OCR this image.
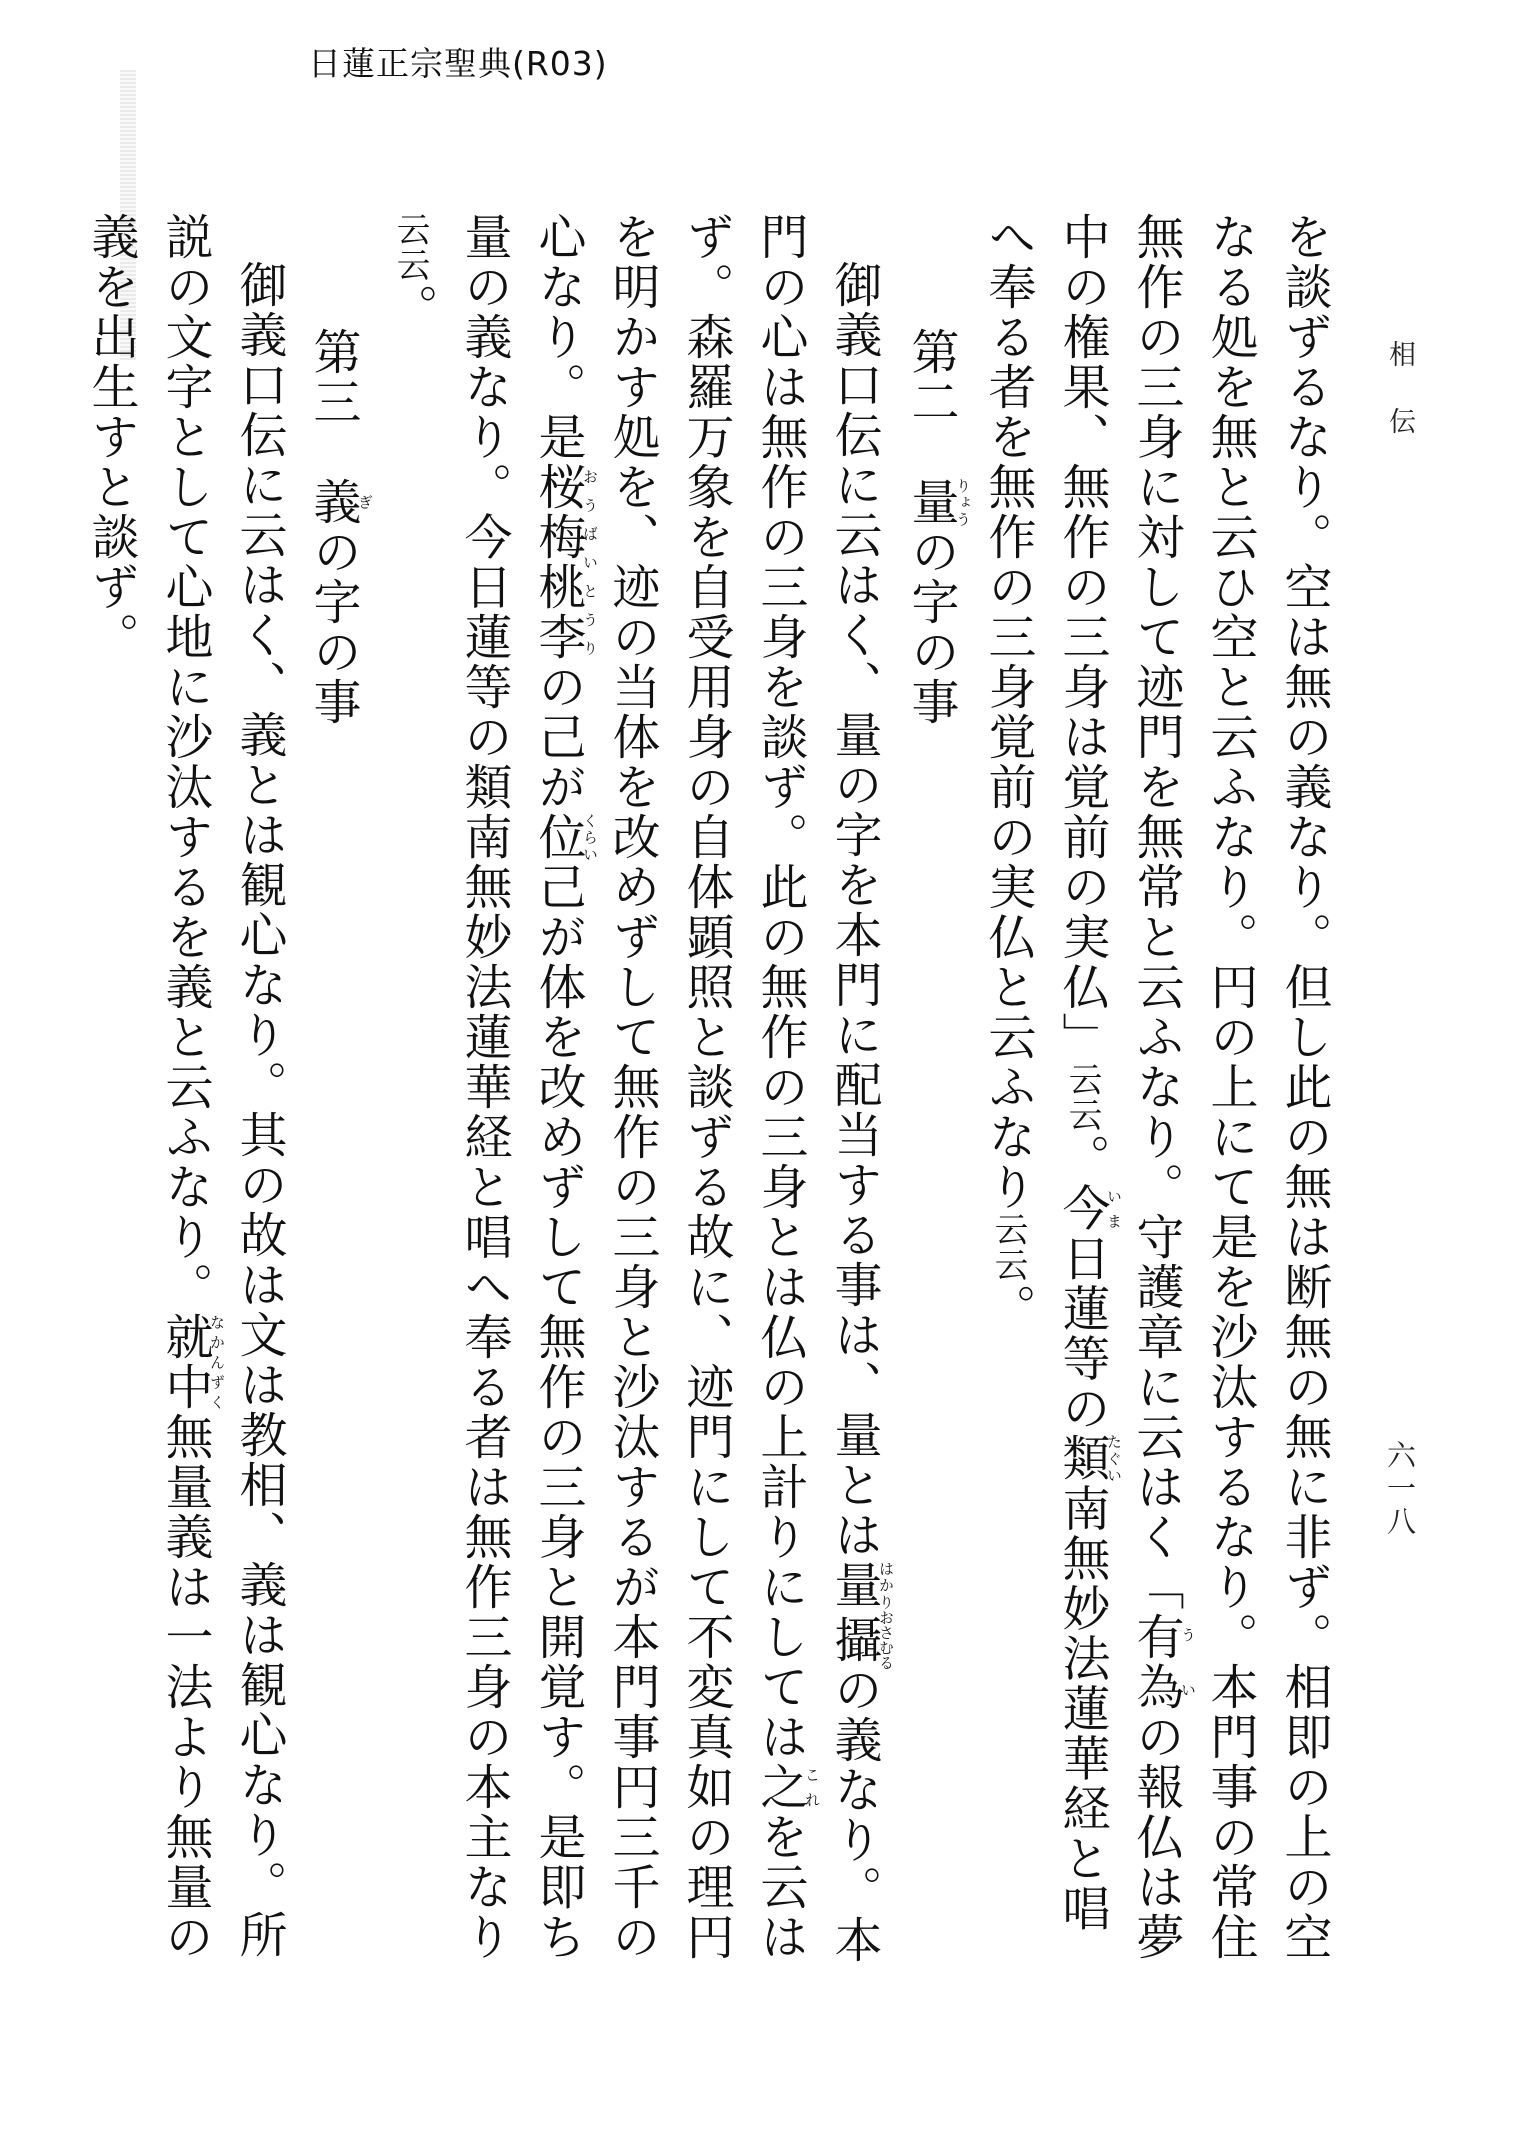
日蓮正宗聖典(R03)
相伝
六一八

を談ずるなり。空は無の義なり。但し此の無は断無の無に非ず。相即の上の空なる処を無と云ひ空と云ふなり。円の上にて是を沙汰するなり。本門事の常住無作の三身に対して迹門を無常と云ふなり。守護章に云はく「有為ういの報仏は夢中の権果、無作の三身は覚前の実仏」云云。今いま日蓮等の類たぐい南無妙法蓮華経と唱へ奉る者を無作の三身覚前の実仏と云ふなり云云。

第二　量りょうの字の事

御義口伝に云はく、量の字を本門に配当する事は、量とは量はかり攝おさむるの義なり。本門の心は無作の三身を談ず。此の無作の三身とは仏の上計りにしては之これを云はず。森羅万象を自受用身の自体顕照と談ずる故に、迹門にして不変真如の理円を明かす処を、迹の当体を改めずして無作の三身と沙汰するが本門事円三千の心なり。是桜梅桃李おうばいとうりの己が位くらい己が体を改めずして無作の三身と開覚す。是即ち量の義なり。今日蓮等の類南無妙法蓮華経と唱へ奉る者は無作三身の本主なり云云。

第三　義ぎの字の事

御義口伝に云はく、義とは観心なり。其の故は文は教相、義は観心なり。所説の文字として心地に沙汰するを義と云ふなり。就中なかんずく無量義は一法より無量の義を出生すと談ず。
